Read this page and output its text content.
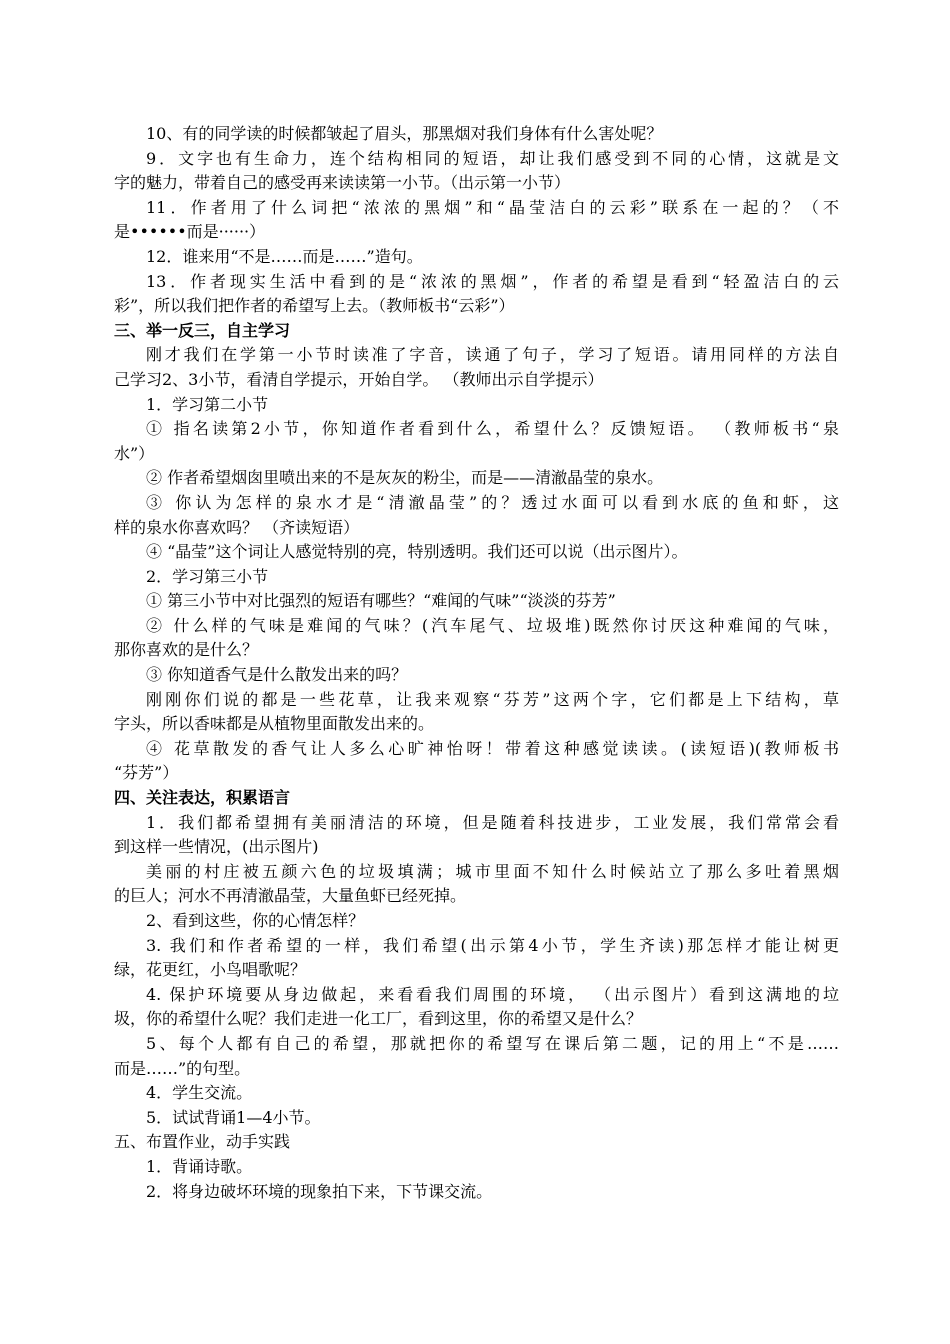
10、有的同学读的时候都皱起了眉头，那黑烟对我们身体有什么害处呢？
9．文字也有生命力，连个结构相同的短语，却让我们感受到不同的心情，这就是文
字的魅力，带着自己的感受再来读读第一小节。（出示第一小节）
11．作者用了什么词把“浓浓的黑烟”和“晶莹洁白的云彩”联系在一起的？（不
是••••••而是······）
12．谁来用“不是……而是……”造句。
13．作者现实生活中看到的是“浓浓的黑烟”，作者的希望是看到“轻盈洁白的云
彩”，所以我们把作者的希望写上去。（教师板书“云彩”）
三、举一反三，自主学习
刚才我们在学第一小节时读准了字音，读通了句子，学习了短语。请用同样的方法自
己学习2、3小节，看清自学提示，开始自学。 （教师出示自学提示）
1．学习第二小节
① 指名读第2小节，你知道作者看到什么，希望什么？反馈短语。 （教师板书“泉
水”）
② 作者希望烟囱里喷出来的不是灰灰的粉尘，而是——清澈晶莹的泉水。
③ 你认为怎样的泉水才是“清澈晶莹”的？透过水面可以看到水底的鱼和虾，这
样的泉水你喜欢吗？ （齐读短语）
④ “晶莹”这个词让人感觉特别的亮，特别透明。我们还可以说（出示图片）。
2．学习第三小节
① 第三小节中对比强烈的短语有哪些？“难闻的气味”“淡淡的芬芳”
② 什么样的气味是难闻的气味？(汽车尾气、垃圾堆)既然你讨厌这种难闻的气味，
那你喜欢的是什么？
③ 你知道香气是什么散发出来的吗？
刚刚你们说的都是一些花草，让我来观察“芬芳”这两个字，它们都是上下结构，草
字头，所以香味都是从植物里面散发出来的。
④ 花草散发的香气让人多么心旷神怡呀！带着这种感觉读读。(读短语)(教师板书
“芬芳”）
四、关注表达，积累语言
1．我们都希望拥有美丽清洁的环境，但是随着科技进步，工业发展，我们常常会看
到这样一些情况，(出示图片)
美丽的村庄被五颜六色的垃圾填满；城市里面不知什么时候站立了那么多吐着黑烟
的巨人；河水不再清澈晶莹，大量鱼虾已经死掉。
2、看到这些，你的心情怎样？
3. 我们和作者希望的一样，我们希望(出示第4小节，学生齐读)那怎样才能让树更
绿，花更红，小鸟唱歌呢？
4. 保护环境要从身边做起，来看看我们周围的环境， （出示图片）看到这满地的垃
圾，你的希望什么呢？我们走进一化工厂，看到这里，你的希望又是什么？
5、每个人都有自己的希望，那就把你的希望写在课后第二题，记的用上“不是……
而是……”的句型。
4．学生交流。
5．试试背诵1—4小节。
五、布置作业，动手实践
1．背诵诗歌。
2．将身边破坏环境的现象拍下来，下节课交流。
